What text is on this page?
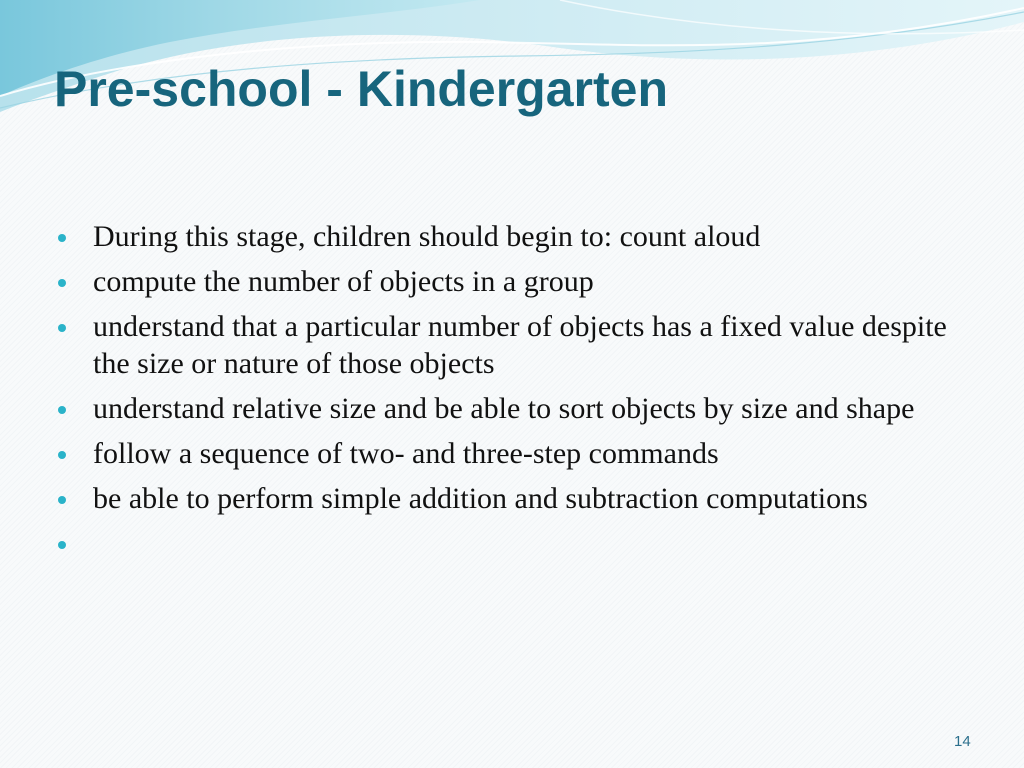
Pre-school - Kindergarten
During this stage, children should begin to: count aloud
compute the number of objects in a group
understand that a particular number of objects has a fixed value despite the size or nature of those objects
understand relative size and be able to sort objects by size and shape
follow a sequence of two- and three-step commands
be able to perform simple addition and subtraction computations
14
